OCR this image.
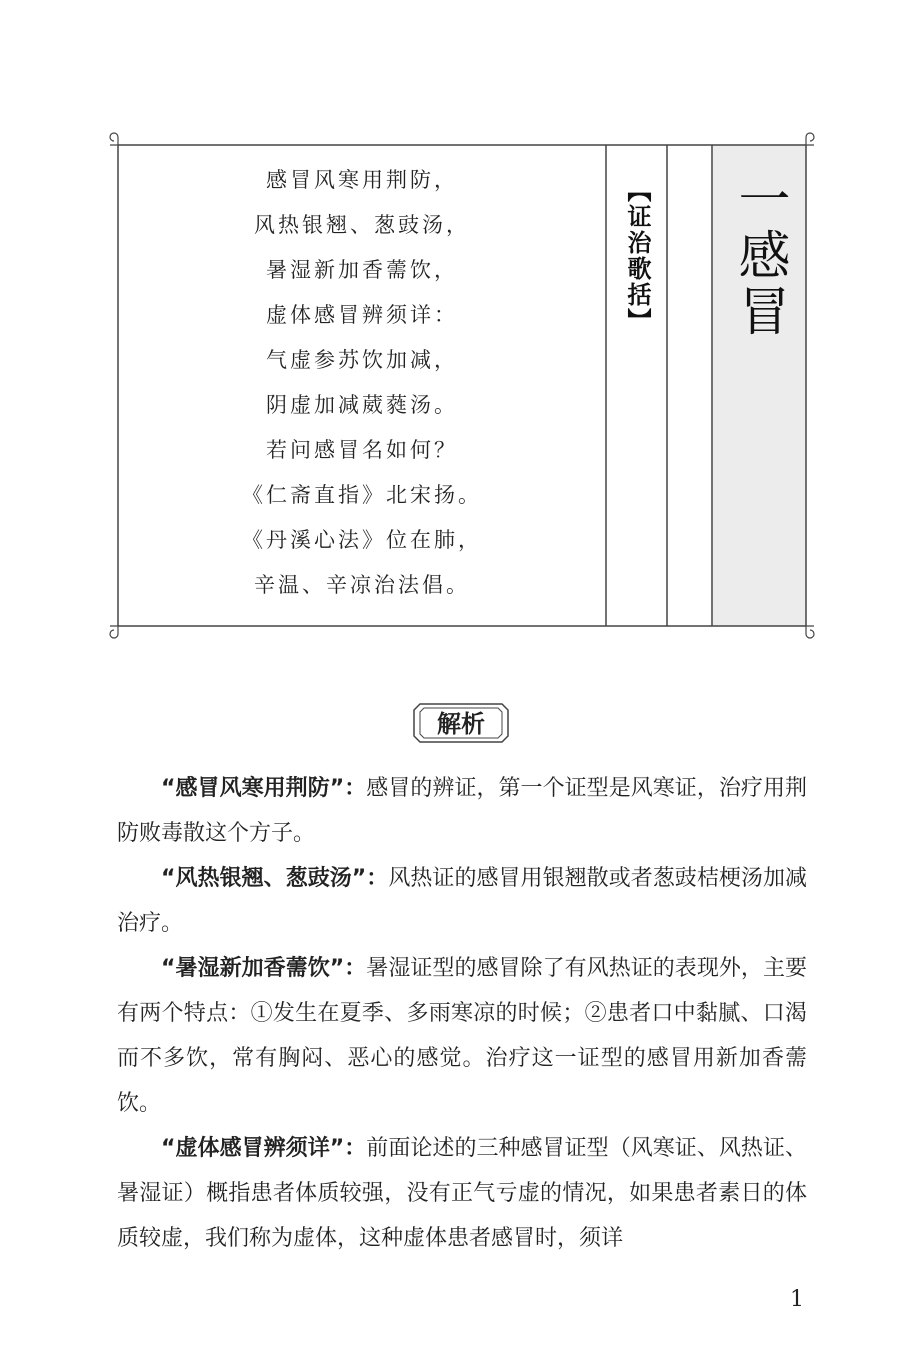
感冒风寒用荆防，
风热银翘、葱豉汤，
暑湿新加香薷饮，
虚体感冒辨须详：
气虚参苏饮加减，
阴虚加减葳蕤汤。
若问感冒名如何？
《仁斋直指》北宋扬。
《丹溪心法》位在肺，
辛温、辛凉治法倡。
【证治歌括】 一感冒
解析

“感冒风寒用荆防”：感冒的辨证，第一个证型是风寒证，治疗用荆防败毒散这个方子。

“风热银翘、葱豉汤”：风热证的感冒用银翘散或者葱豉桔梗汤加减治疗。

“暑湿新加香薷饮”：暑湿证型的感冒除了有风热证的表现外，主要有两个特点：①发生在夏季、多雨寒凉的时候；②患者口中黏腻、口渴而不多饮，常有胸闷、恶心的感觉。治疗这一证型的感冒用新加香薷饮。

“虚体感冒辨须详”：前面论述的三种感冒证型（风寒证、风热证、暑湿证）概指患者体质较强，没有正气亏虚的情况，如果患者素日的体质较虚，我们称为虚体，这种虚体患者感冒时，须详

1
